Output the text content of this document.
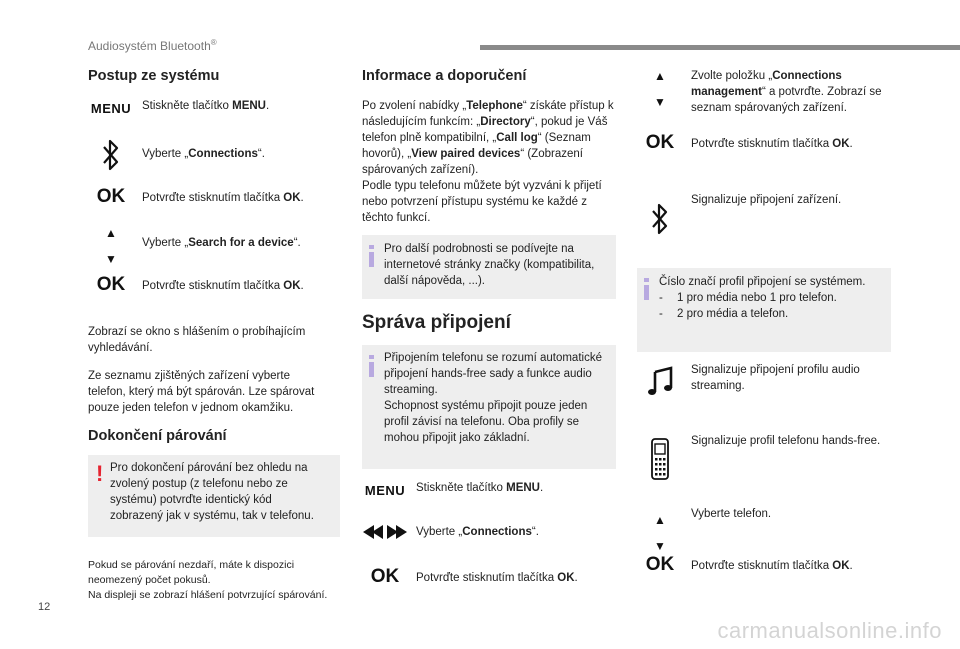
Audiosystém Bluetooth®
Postup ze systému
MENU Stiskněte tlačítko MENU.
Vyberte „Connections“.
OK	Potvrďte stisknutím tlačítka OK.
▲

▼
Vyberte „Search for a device“.
OK	Potvrďte stisknutím tlačítka OK.
Zobrazí se okno s hlášením o probíhajícím vyhledávání.
Ze seznamu zjištěných zařízení vyberte telefon, který má být spárován. Lze spárovat pouze jeden telefon v jednom okamžiku.
Dokončení párování
! Pro dokončení párování bez ohledu na zvolený postup (z telefonu nebo ze systému) potvrďte identický kód zobrazený jak v systému, tak v telefonu.
Pokud se párování nezdaří, máte k dispozici neomezený počet pokusů.
Na displeji se zobrazí hlášení potvrzující spárování.
Informace a doporučení
Po zvolení nabídky „Telephone“ získáte přístup k následujícím funkcím: „Directory“, pokud je Váš telefon plně kompatibilní, „Call log“ (Seznam hovorů), „View paired devices“ (Zobrazení spárovaných zařízení).
Podle typu telefonu můžete být vyzváni k přijetí nebo potvrzení přístupu systému ke každé z těchto funkcí.
Pro další podrobnosti se podívejte na internetové stránky značky (kompatibilita, další nápověda, ...).
Správa připojení
Připojením telefonu se rozumí automatické připojení hands-free sady a funkce audio streaming.
Schopnost systému připojit pouze jeden profil závisí na telefonu. Oba profily se mohou připojit jako základní.
MENU Stiskněte tlačítko MENU.
Vyberte „Connections“.
OK	Potvrďte stisknutím tlačítka OK.
▲

▼
Zvolte položku „Connections management“ a potvrďte. Zobrazí se seznam spárovaných zařízení.
OK	Potvrďte stisknutím tlačítka OK.
Signalizuje připojení zařízení.
Číslo značí profil připojení se systémem.
- 1 pro média nebo 1 pro telefon.
- 2 pro média a telefon.
Signalizuje připojení profilu audio streaming.
Signalizuje profil telefonu hands-free.
▲

▼
Vyberte telefon.
OK	Potvrďte stisknutím tlačítka OK.
12
carmanualsonline.info
